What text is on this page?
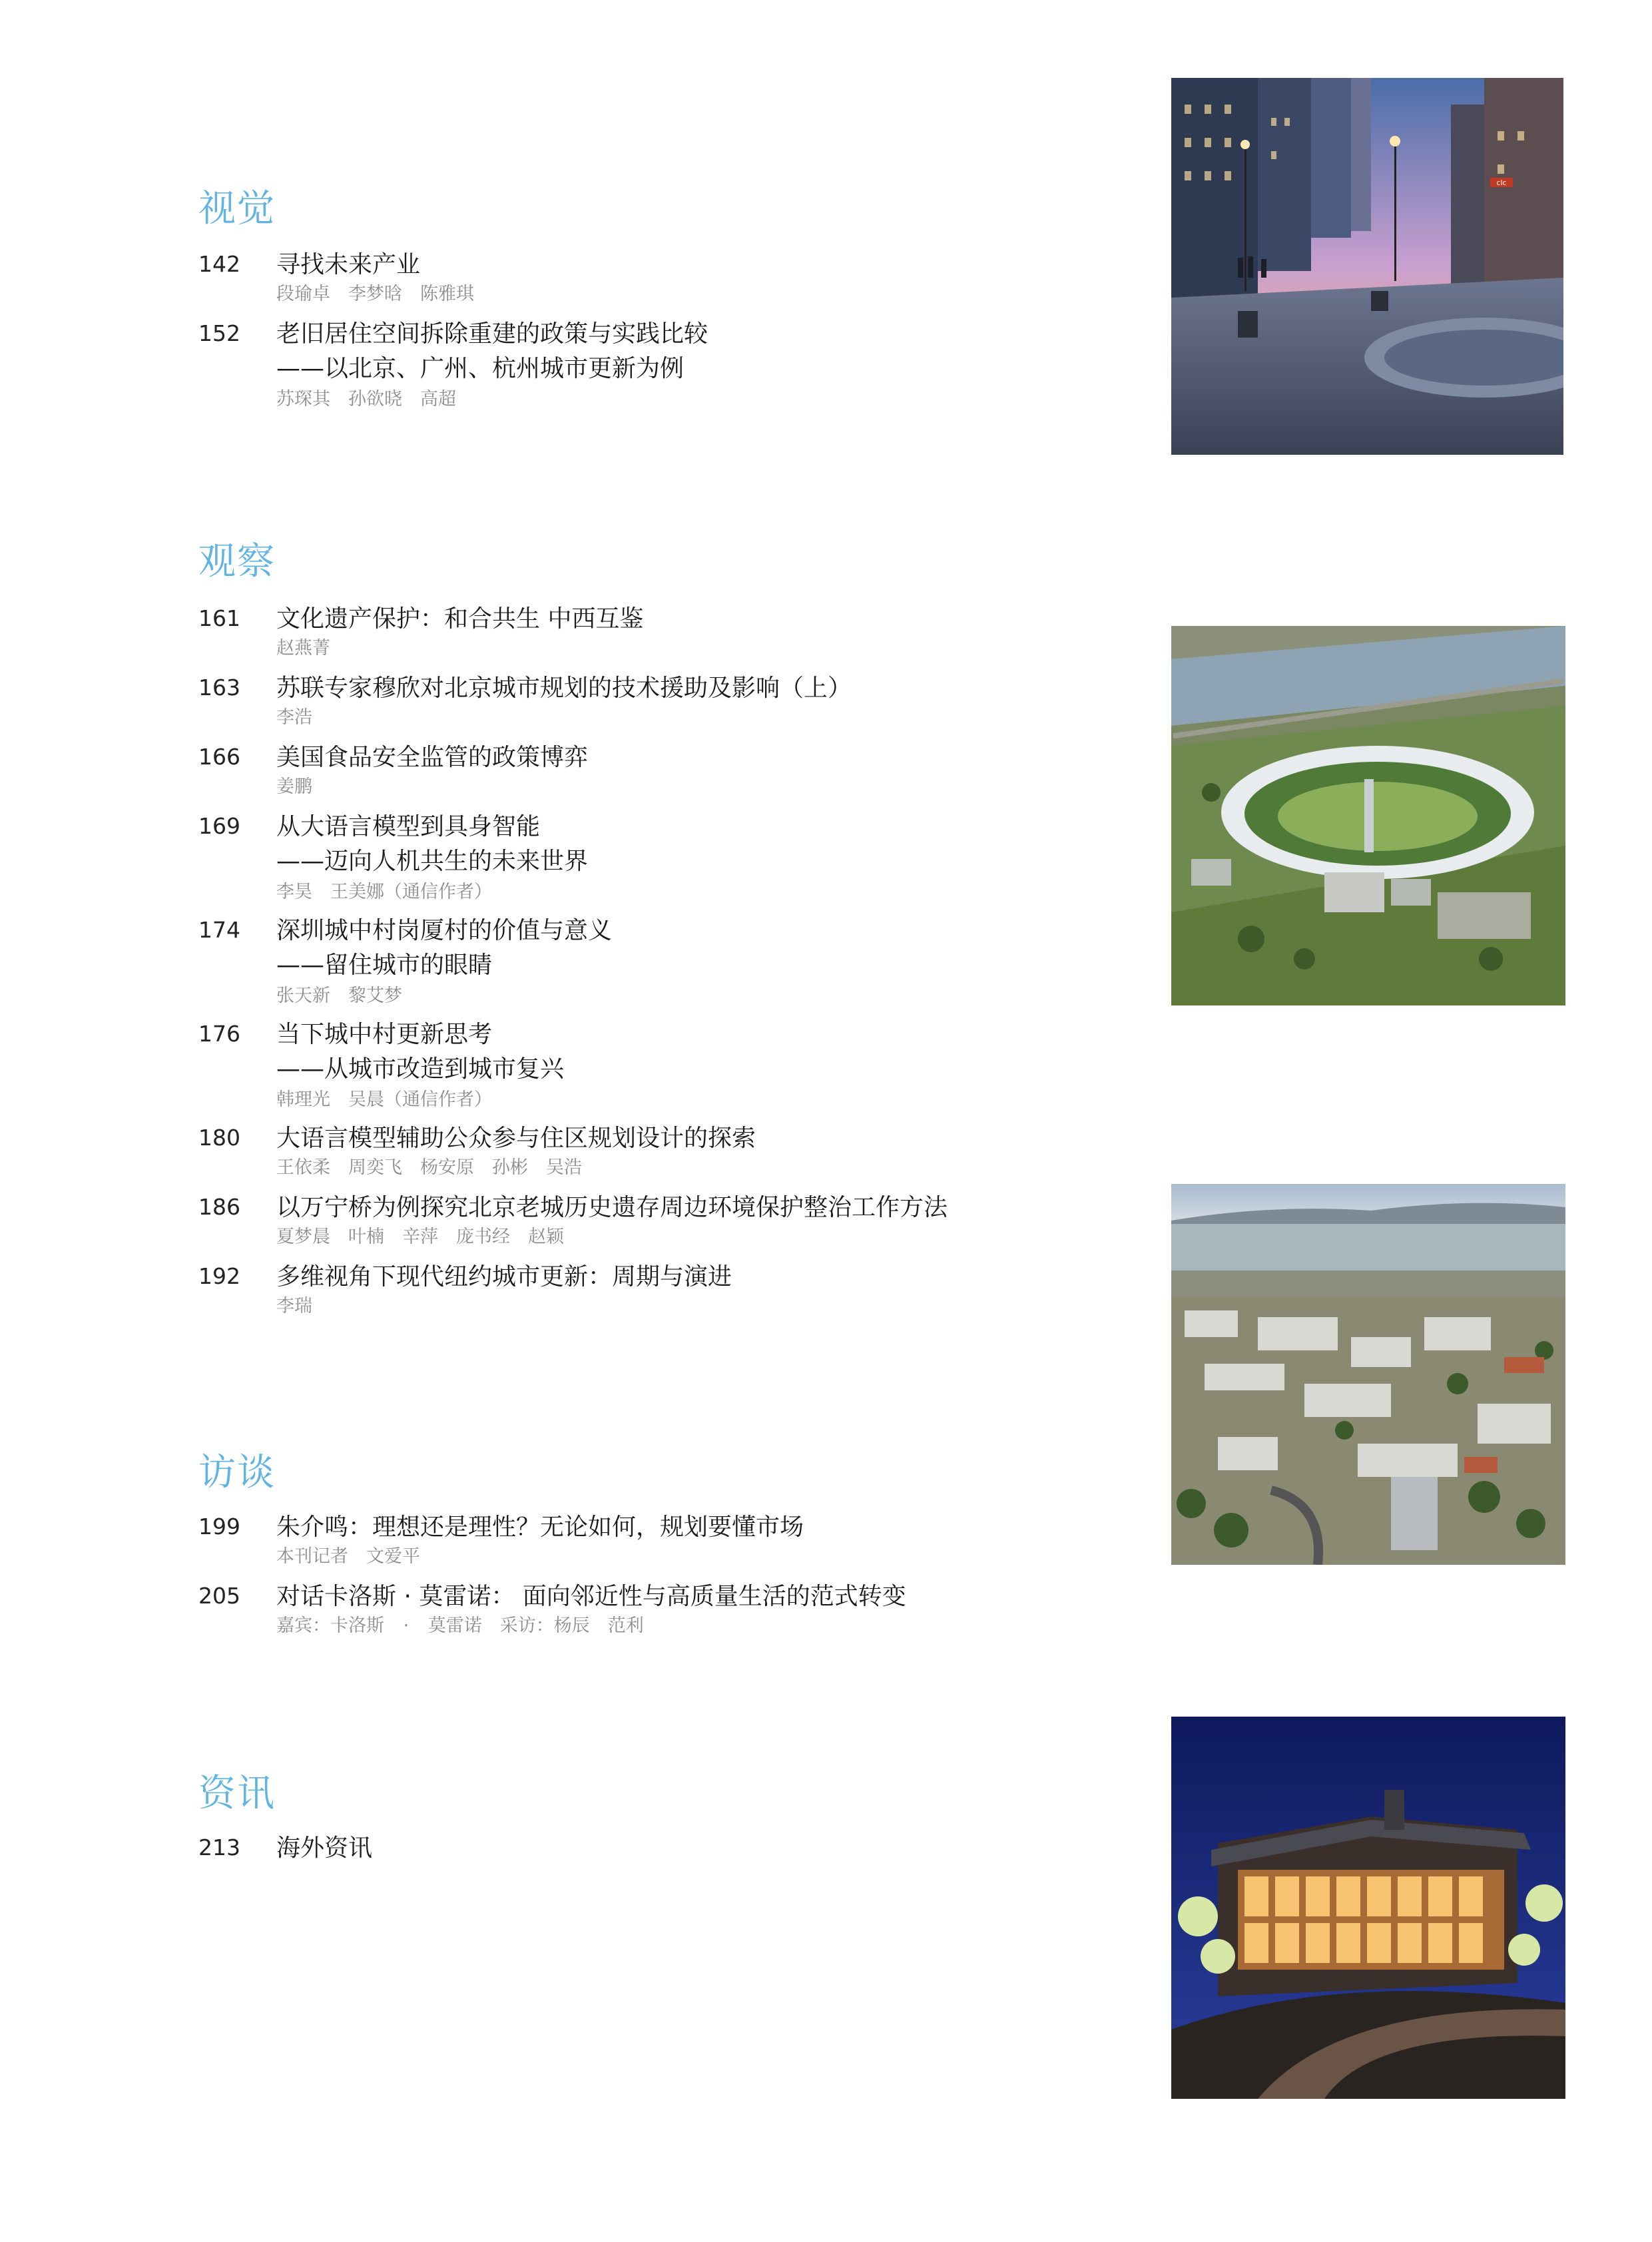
视觉
142 寻找未来产业
段瑜卓　李梦晗　陈雅琪
152 老旧居住空间拆除重建的政策与实践比较
——以北京、广州、杭州城市更新为例
苏琛其　孙欲晓　高超
观察
161 文化遗产保护：和合共生 中西互鉴
赵燕菁
163 苏联专家穆欣对北京城市规划的技术援助及影响（上）
李浩
166 美国食品安全监管的政策博弈
姜鹏
169 从大语言模型到具身智能
——迈向人机共生的未来世界
李昊　王美娜（通信作者）
174 深圳城中村岗厦村的价值与意义
——留住城市的眼睛
张天新　黎艾梦
176 当下城中村更新思考
——从城市改造到城市复兴
韩理光　吴晨（通信作者）
180 大语言模型辅助公众参与住区规划设计的探索
王依柔　周奕飞　杨安原　孙彬　吴浩
186 以万宁桥为例探究北京老城历史遗存周边环境保护整治工作方法
夏梦晨　叶楠　辛萍　庞书经　赵颖
192 多维视角下现代纽约城市更新：周期与演进
李瑞
访谈
199 朱介鸣：理想还是理性？无论如何，规划要懂市场
本刊记者　文爱平
205 对话卡洛斯 · 莫雷诺： 面向邻近性与高质量生活的范式转变
嘉宾：卡洛斯 · 莫雷诺　采访：杨辰　范利
资讯
213 海外资讯
clc
